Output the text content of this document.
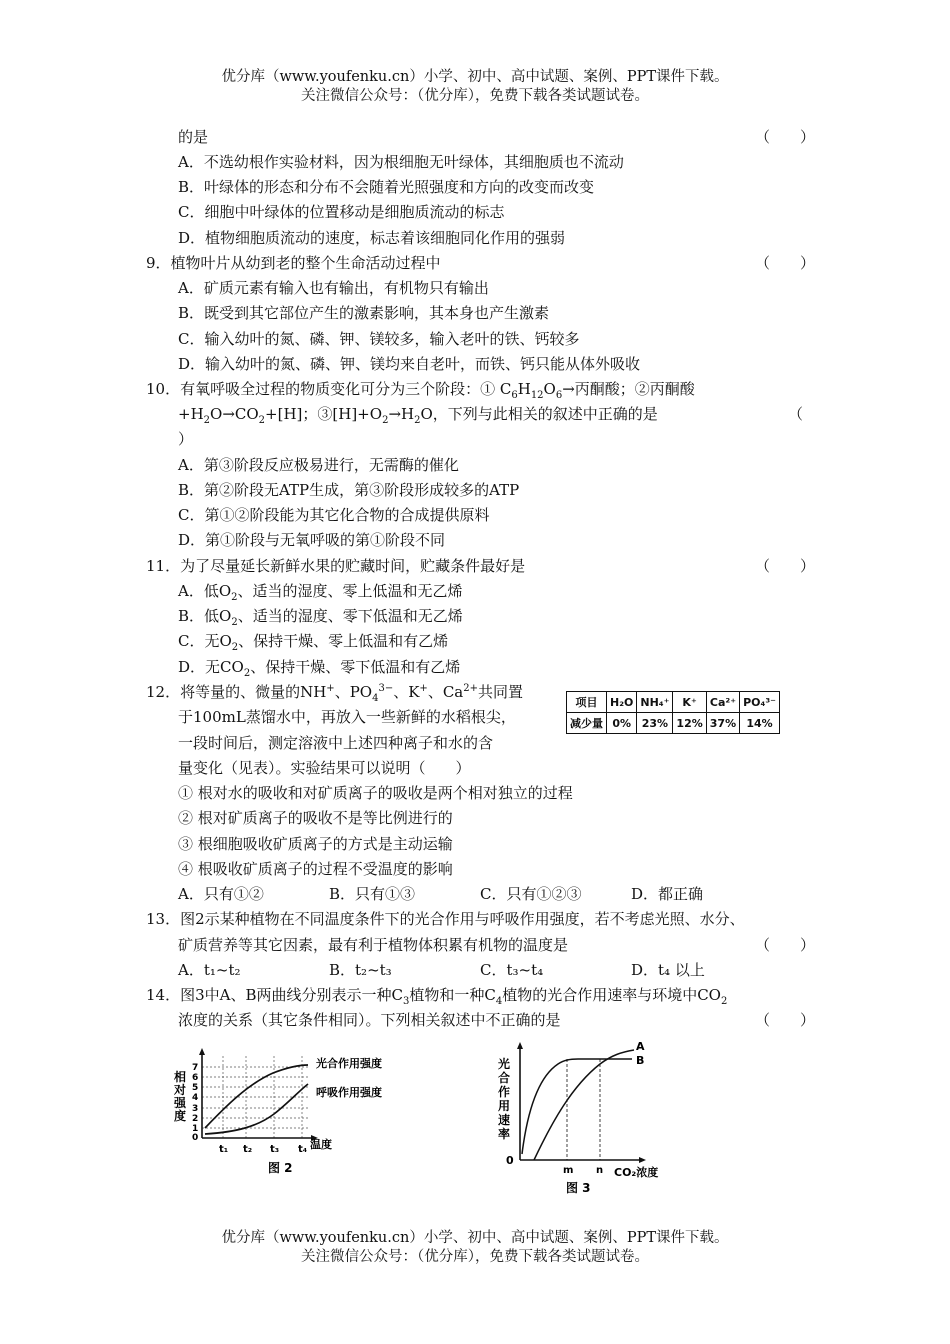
优分库（www.youfenku.cn）小学、初中、高中试题、案例、PPT课件下载。
关注微信公众号：（优分库），免费下载各类试题试卷。
的是	（　　）
A．不选幼根作实验材料，因为根细胞无叶绿体，其细胞质也不流动
B．叶绿体的形态和分布不会随着光照强度和方向的改变而改变
C．细胞中叶绿体的位置移动是细胞质流动的标志
D．植物细胞质流动的速度，标志着该细胞同化作用的强弱
9．植物叶片从幼到老的整个生命活动过程中	（　　）
A．矿质元素有输入也有输出，有机物只有输出
B．既受到其它部位产生的激素影响，其本身也产生激素
C．输入幼叶的氮、磷、钾、镁较多，输入老叶的铁、钙较多
D．输入幼叶的氮、磷、钾、镁均来自老叶，而铁、钙只能从体外吸收
10．有氧呼吸全过程的物质变化可分为三个阶段：① $C_6H_{12}O_6\to$丙酮酸；②丙酮酸
$+H_2O\to CO_2+[H]$；$③[H]+O_2\to H_2O$，下列与此相关的叙述中正确的是	（
）
A．第③阶段反应极易进行，无需酶的催化
B．第②阶段无ATP生成，第③阶段形成较多的ATP
C．第①②阶段能为其它化合物的合成提供原料
D．第①阶段与无氧呼吸的第①阶段不同
11．为了尽量延长新鲜水果的贮藏时间，贮藏条件最好是	（　　）
A．低$O_2$、适当的湿度、零上低温和无乙烯
B．低$O_2$、适当的湿度、零下低温和无乙烯
C．无$O_2$、保持干燥、零上低温和有乙烯
D．无$CO_2$、保持干燥、零下低温和有乙烯
12．将等量的、微量的NH+、$PO_4^{3-}$、K+、$Ca^{2+}$共同置
于100mL蒸馏水中，再放入一些新鲜的水稻根尖，
一段时间后，测定溶液中上述四种离子和水的含
量变化（见表）。实验结果可以说明（　　）
项目	H₂O	NH₄⁺	K⁺	Ca²⁺	PO₄³⁻
减少量	0%	23%	12%	37%	14%
① 根对水的吸收和对矿质离子的吸收是两个相对独立的过程
② 根对矿质离子的吸收不是等比例进行的
③ 根细胞吸收矿质离子的方式是主动运输
④ 根吸收矿质离子的过程不受温度的影响
A．只有①②	B．只有①③	C．只有①②③	D．都正确
13．图2示某种植物在不同温度条件下的光合作用与呼吸作用强度，若不考虑光照、水分、
矿质营养等其它因素，最有利于植物体积累有机物的温度是	（　　）
A．t₁~t₂	B．t₂~t₃	C．t₃~t₄	D．t₄ 以上
14．图3中A、B两曲线分别表示一种$C_3$植物和一种$C_4$植物的光合作用速率与环境中$CO_2$
浓度的关系（其它条件相同）。下列相关叙述中不正确的是	（　　）
相
对
强
度
0
1
2
3
4
5
6
7	光合作用强度
呼吸作用强度
t₁ t₂ t₃ t₄ 温度
图 2
光
合
作
用
速
率
0
A
B
m n CO₂浓度
图 3
优分库（www.youfenku.cn）小学、初中、高中试题、案例、PPT课件下载。
关注微信公众号：（优分库），免费下载各类试题试卷。
